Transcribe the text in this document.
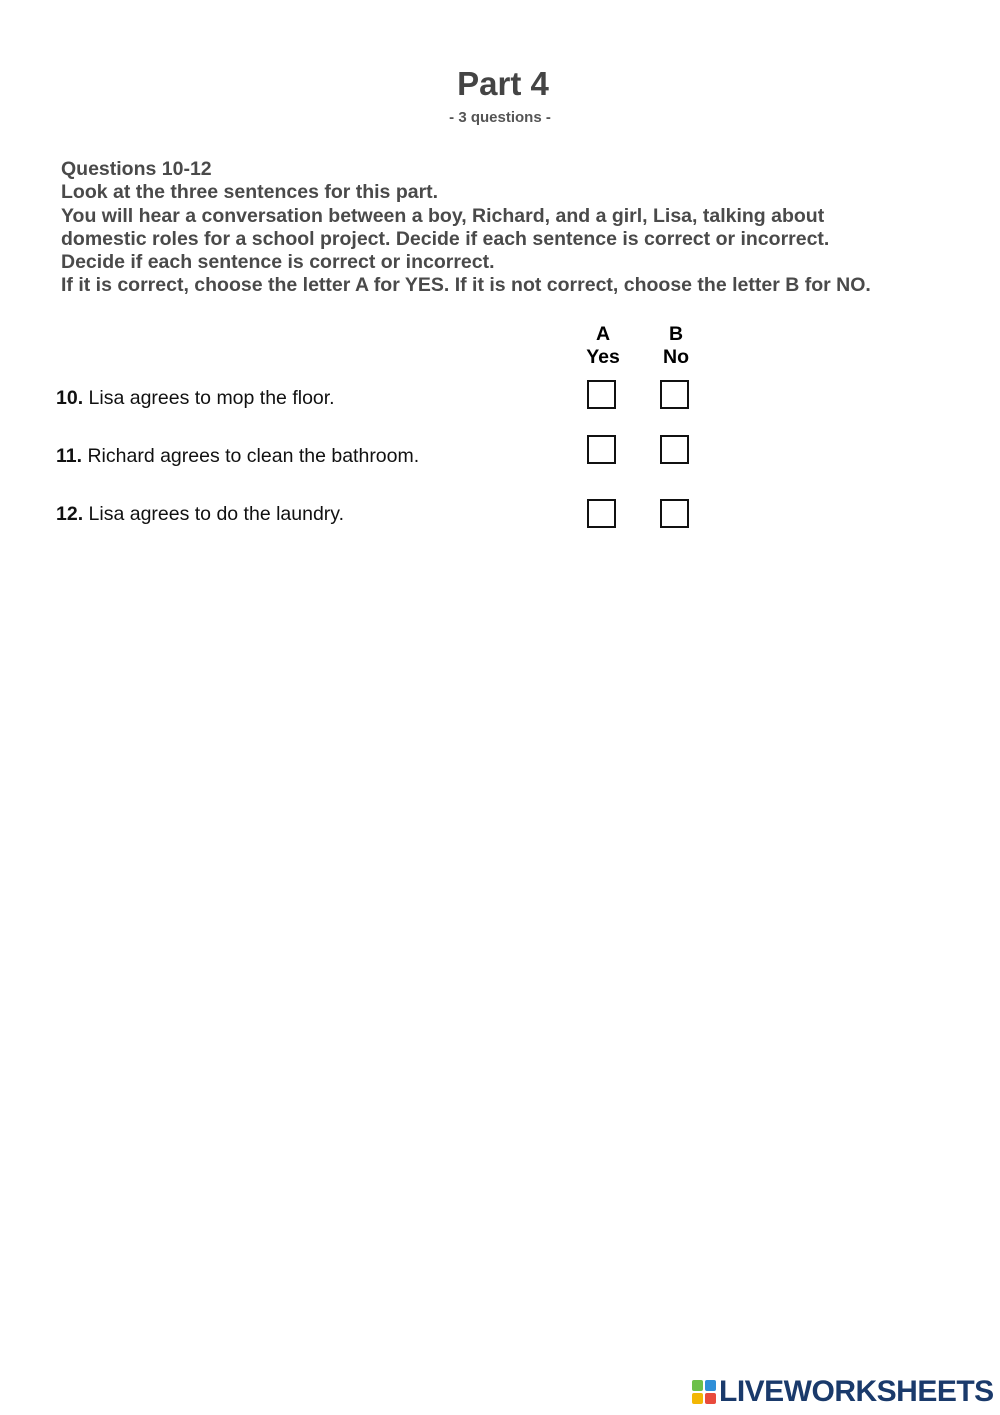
Part 4
- 3 questions -
Questions 10-12
Look at the three sentences for this part.
You will hear a conversation between a boy, Richard, and a girl, Lisa, talking about
domestic roles for a school project. Decide if each sentence is correct or incorrect.
Decide if each sentence is correct or incorrect.
If it is correct, choose the letter A for YES. If it is not correct, choose the letter B for NO.
A
Yes
B
No
10. Lisa agrees to mop the floor.
11. Richard agrees to clean the bathroom.
12. Lisa agrees to do the laundry.
LIVEWORKSHEETS
